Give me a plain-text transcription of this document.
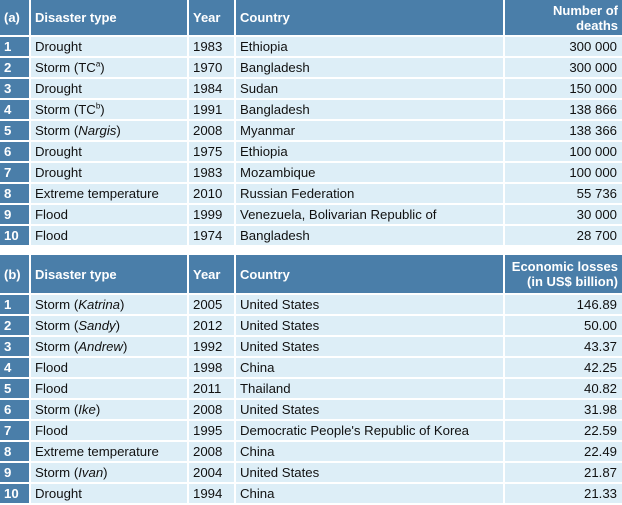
(a)	Disaster type	Year	Country	Number of deaths
1	Drought	1983	Ethiopia	300 000
2	Storm $(TC^a)$	1970	Bangladesh	300 000
3	Drought	1984	Sudan	150 000
4	Storm $(TC^b)$	1991	Bangladesh	138 866
5	Storm (Nargis)	2008	Myanmar	138 366
6	Drought	1975	Ethiopia	100 000
7	Drought	1983	Mozambique	100 000
8	Extreme temperature	2010	Russian Federation	55 736
9	Flood	1999	Venezuela, Bolivarian Republic of	30 000
10	Flood	1974	Bangladesh	28 700

(b)	Disaster type	Year	Country	Economic losses (in US$ billion)
1	Storm (Katrina)	2005	United States	146.89
2	Storm (Sandy)	2012	United States	50.00
3	Storm (Andrew)	1992	United States	43.37
4	Flood	1998	China	42.25
5	Flood	2011	Thailand	40.82
6	Storm (Ike)	2008	United States	31.98
7	Flood	1995	Democratic People's Republic of Korea	22.59
8	Extreme temperature	2008	China	22.49
9	Storm (Ivan)	2004	United States	21.87
10	Drought	1994	China	21.33
